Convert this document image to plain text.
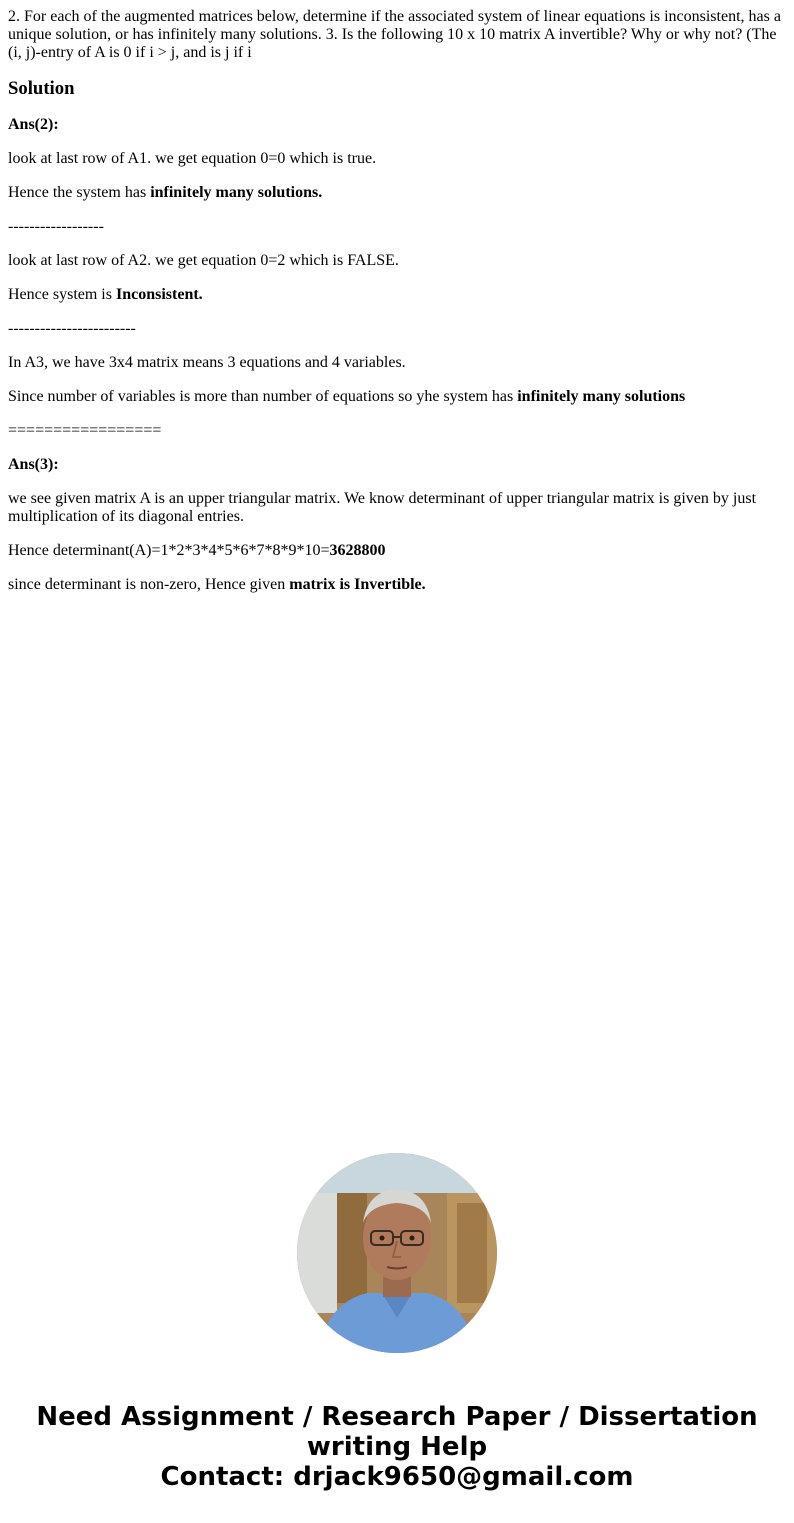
2. For each of the augmented matrices below, determine if the associated system of linear equations is inconsistent, has a unique solution, or has infinitely many solutions. 3. Is the following 10 x 10 matrix A invertible? Why or why not? (The (i, j)-entry of A is 0 if i > j, and is j if i

Solution

Ans(2):

look at last row of A1. we get equation 0=0 which is true.

Hence the system has infinitely many solutions.

------------------

look at last row of A2. we get equation 0=2 which is FALSE.

Hence system is Inconsistent.

------------------------

In A3, we have 3x4 matrix means 3 equations and 4 variables.

Since number of variables is more than number of equations so yhe system has infinitely many solutions

=================

Ans(3):

we see given matrix A is an upper triangular matrix. We know determinant of upper triangular matrix is given by just multiplication of its diagonal entries.

Hence determinant(A)=1*2*3*4*5*6*7*8*9*10=3628800

since determinant is non-zero, Hence given matrix is Invertible.

Need Assignment / Research Paper / Dissertation
writing Help
Contact: drjack9650@gmail.com
